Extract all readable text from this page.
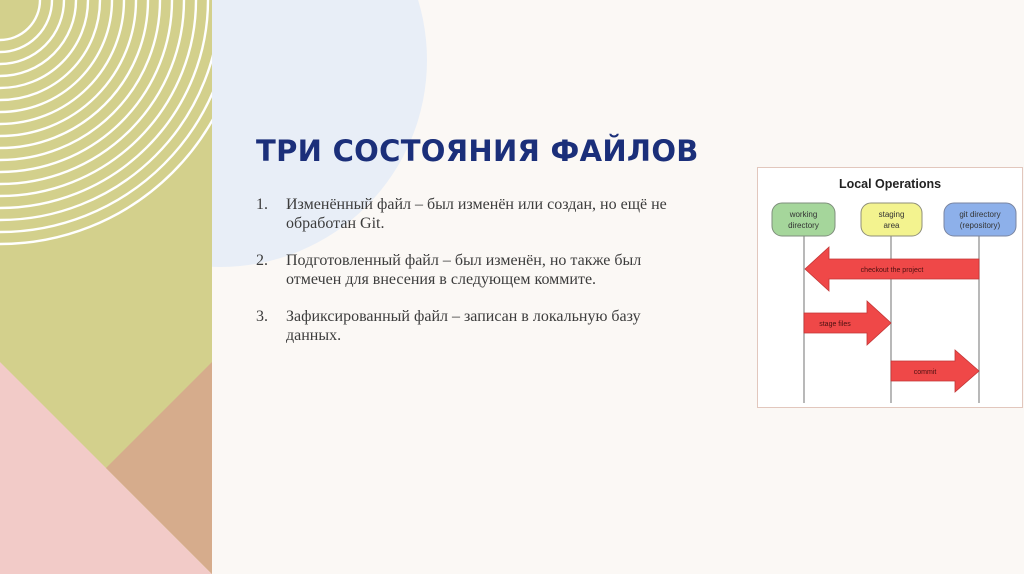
ТРИ СОСТОЯНИЯ ФАЙЛОВ
1. Изменённый файл – был изменён или создан, но ещё не обработан Git.
2. Подготовленный файл – был изменён, но также был отмечен для внесения в следующем коммите.
3. Зафиксированный файл – записан в локальную базу данных.
Local Operations
working
directory
staging
area
git directory
(repository)
checkout the project
stage files
commit
